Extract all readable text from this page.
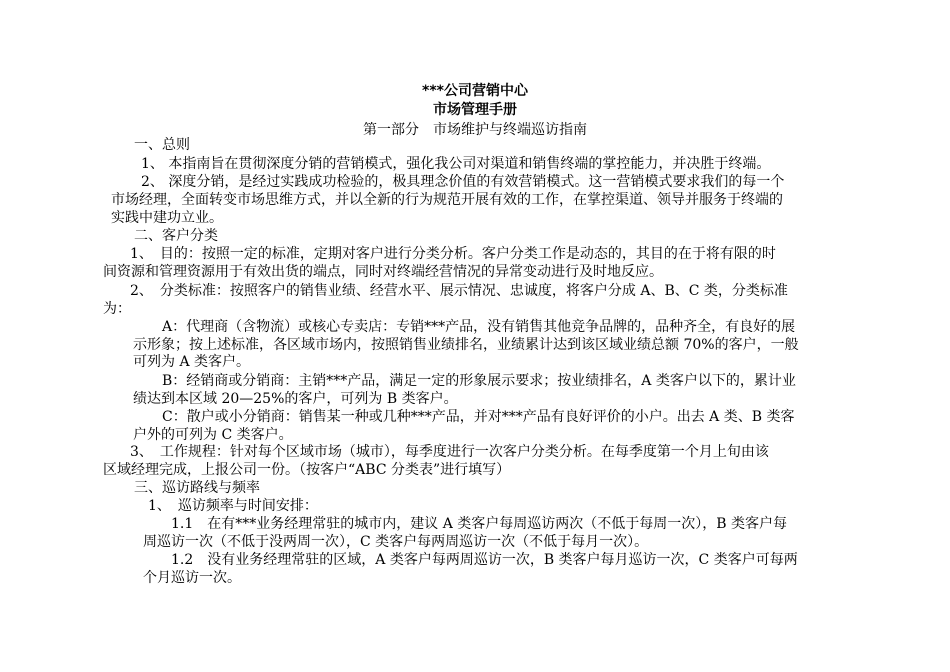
***公司营销中心
市场管理手册
第一部分　市场维护与终端巡访指南
一、总则
1、 本指南旨在贯彻深度分销的营销模式，强化我公司对渠道和销售终端的掌控能力，并决胜于终端。
2、 深度分销，是经过实践成功检验的，极具理念价值的有效营销模式。这一营销模式要求我们的每一个
市场经理，全面转变市场思维方式，并以全新的行为规范开展有效的工作，在掌控渠道、领导并服务于终端的
实践中建功立业。
二、客户分类
1、　目的：按照一定的标准，定期对客户进行分类分析。客户分类工作是动态的，其目的在于将有限的时
间资源和管理资源用于有效出货的端点，同时对终端经营情况的异常变动进行及时地反应。
2、　分类标准：按照客户的销售业绩、经营水平、展示情况、忠诚度，将客户分成 A、B、C 类，分类标准
为：
A：代理商（含物流）或核心专卖店：专销***产品，没有销售其他竞争品牌的，品种齐全，有良好的展
示形象；按上述标准，各区域市场内，按照销售业绩排名，业绩累计达到该区域业绩总额 70%的客户，一般
可列为 A 类客户。
B：经销商或分销商：主销***产品，满足一定的形象展示要求；按业绩排名，A 类客户以下的，累计业
绩达到本区域 20—25%的客户，可列为 B 类客户。
C：散户或小分销商：销售某一种或几种***产品，并对***产品有良好评价的小户。出去 A 类、B 类客
户外的可列为 C 类客户。
3、　工作规程：针对每个区域市场（城市），每季度进行一次客户分类分析。在每季度第一个月上旬由该
区域经理完成，上报公司一份。（按客户“ABC 分类表”进行填写）
三、巡访路线与频率
1、　巡访频率与时间安排：
1.1　在有***业务经理常驻的城市内，建议 A 类客户每周巡访两次（不低于每周一次），B 类客户每
周巡访一次（不低于没两周一次），C 类客户每两周巡访一次（不低于每月一次）。
1.2　没有业务经理常驻的区域，A 类客户每两周巡访一次，B 类客户每月巡访一次，C 类客户可每两
个月巡访一次。
